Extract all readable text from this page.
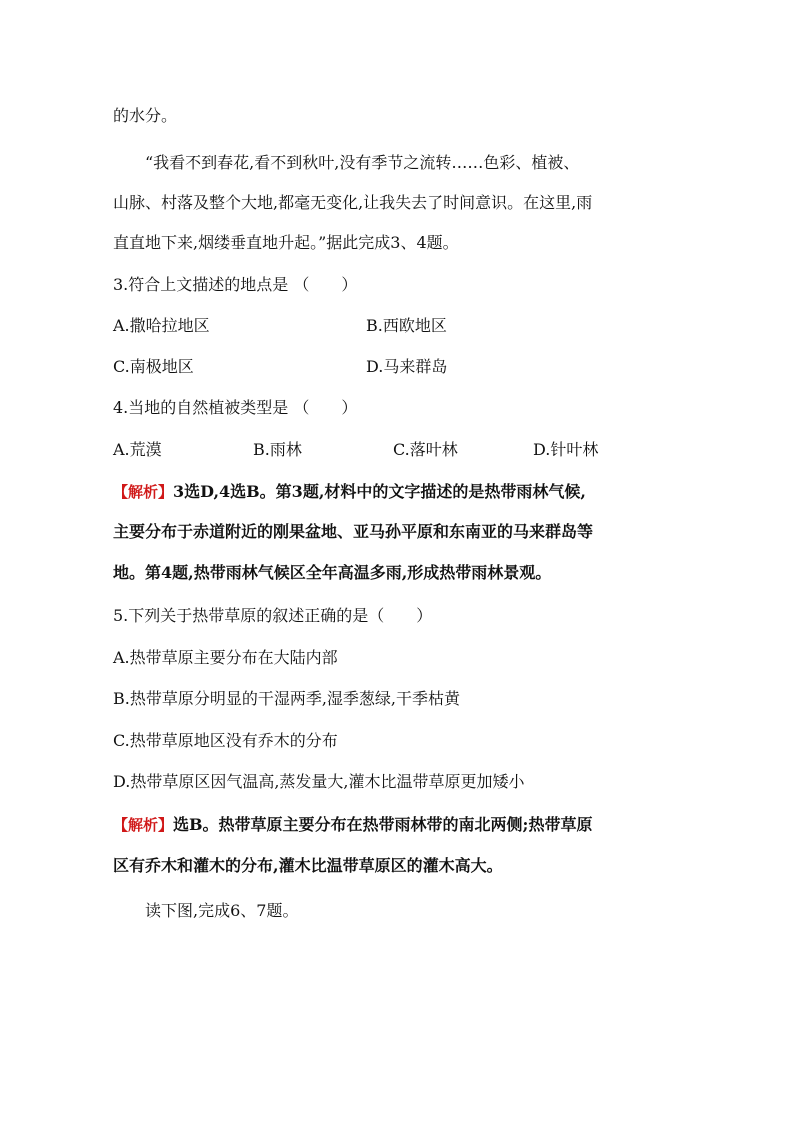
的水分。
“我看不到春花,看不到秋叶,没有季节之流转……色彩、植被、
山脉、村落及整个大地,都毫无变化,让我失去了时间意识。在这里,雨
直直地下来,烟缕垂直地升起。”据此完成3、4题。
3.符合上文描述的地点是 （　　）
A.撒哈拉地区	B.西欧地区
C.南极地区	D.马来群岛
4.当地的自然植被类型是 （　　）
A.荒漠	B.雨林	C.落叶林	D.针叶林
【解析】3选D,4选B。第3题,材料中的文字描述的是热带雨林气候,
主要分布于赤道附近的刚果盆地、亚马孙平原和东南亚的马来群岛等
地。第4题,热带雨林气候区全年高温多雨,形成热带雨林景观。
5.下列关于热带草原的叙述正确的是（　　）
A.热带草原主要分布在大陆内部
B.热带草原分明显的干湿两季,湿季葱绿,干季枯黄
C.热带草原地区没有乔木的分布
D.热带草原区因气温高,蒸发量大,灌木比温带草原更加矮小
【解析】选B。热带草原主要分布在热带雨林带的南北两侧;热带草原
区有乔木和灌木的分布,灌木比温带草原区的灌木高大。
读下图,完成6、7题。
